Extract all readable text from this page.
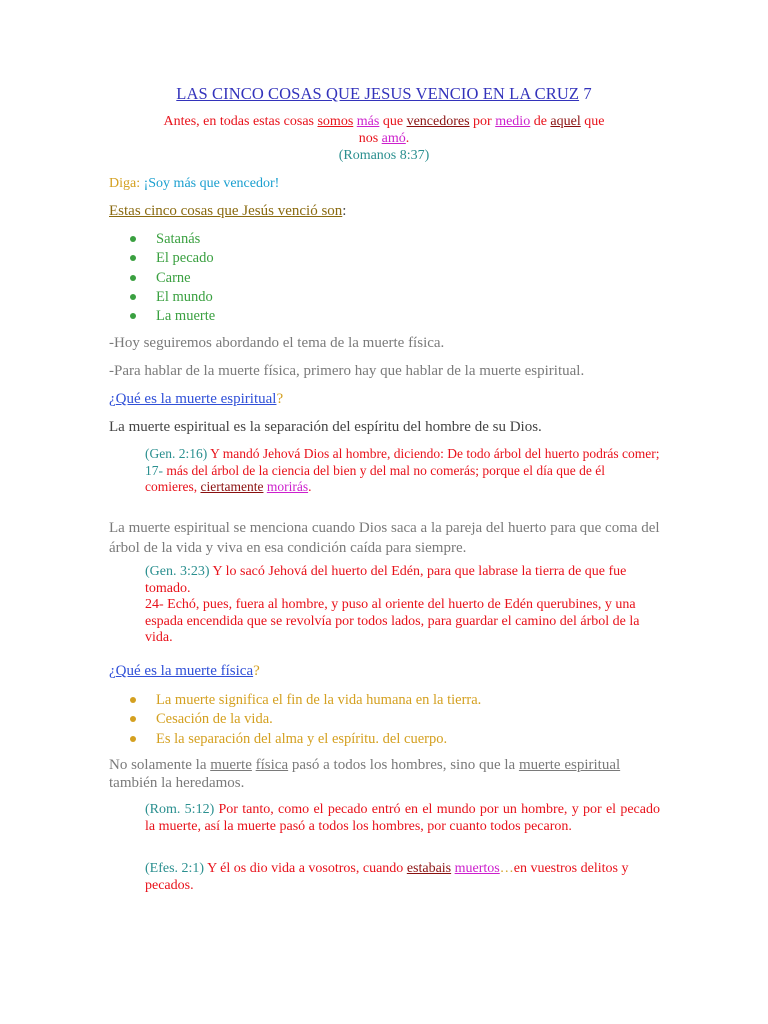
LAS CINCO COSAS QUE JESUS VENCIO EN LA CRUZ 7
Antes, en todas estas cosas somos más que vencedores por medio de aquel que
nos amó.
(Romanos 8:37)
Diga: ¡Soy más que vencedor!
Estas cinco cosas que Jesús venció son:
Satanás
El pecado
Carne
El mundo
La muerte
-Hoy seguiremos abordando el tema de la muerte física.
-Para hablar de la muerte física, primero hay que hablar de la muerte espiritual.
¿Qué es la muerte espiritual?
La muerte espiritual es la separación del espíritu del hombre de su Dios.
(Gen. 2:16) Y mandó Jehová Dios al hombre, diciendo: De todo árbol del huerto podrás comer;
17- más del árbol de la ciencia del bien y del mal no comerás; porque el día que de él comieres, ciertamente morirás.
La muerte espiritual se menciona cuando Dios saca a la pareja del huerto para que coma del árbol de la vida y viva en esa condición caída para siempre.
(Gen. 3:23) Y lo sacó Jehová del huerto del Edén, para que labrase la tierra de que fue tomado.
24- Echó, pues, fuera al hombre, y puso al oriente del huerto de Edén querubines, y una espada encendida que se revolvía por todos lados, para guardar el camino del árbol de la vida.
¿Qué es la muerte física?
La muerte significa el fin de la vida humana en la tierra.
Cesación de la vida.
Es la separación del alma y el espíritu. del cuerpo.
No solamente la muerte física pasó a todos los hombres, sino que la muerte espiritual
también la heredamos.
(Rom. 5:12) Por tanto, como el pecado entró en el mundo por un hombre, y por el pecado la muerte, así la muerte pasó a todos los hombres, por cuanto todos pecaron.
(Efes. 2:1) Y él os dio vida a vosotros, cuando estabais muertos…en vuestros delitos y pecados.
